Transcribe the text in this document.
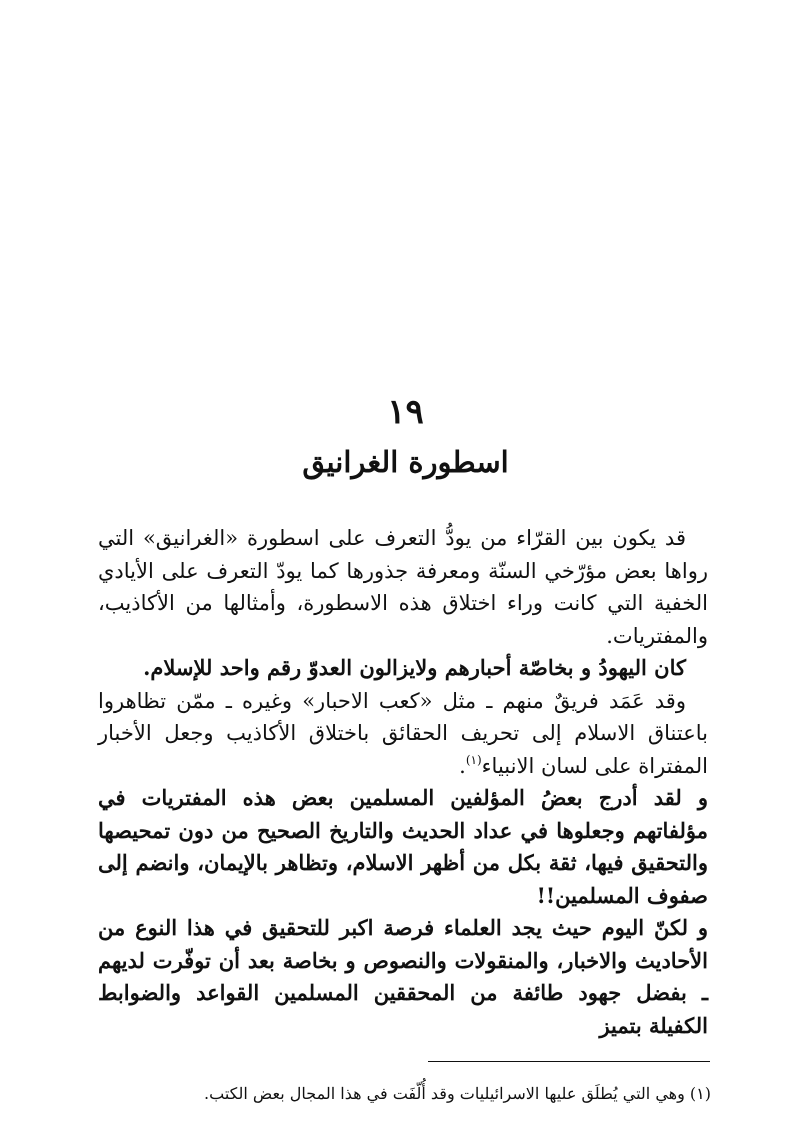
١٩
اسطورة الغرانيق

قد يكون بين القرّاء من يودُّ التعرف على اسطورة «الغرانيق» التي رواها بعض مؤرّخي السنّة ومعرفة جذورها كما يودّ التعرف على الأيادي الخفية التي كانت وراء اختلاق هذه الاسطورة، وأمثالها من الأكاذيب، والمفتريات.

كان اليهودُ و بخاصّة أحبارهم ولايزالون العدوّ رقم واحد للإسلام.

وقد عَمَد فريقٌ منهم ـ مثل «كعب الاحبار» وغيره ـ ممّن تظاهروا باعتناق الاسلام إلى تحريف الحقائق باختلاق الأكاذيب وجعل الأخبار المفتراة على لسان الانبياء$^{(١)}$.

و لقد أدرج بعضُ المؤلفين المسلمين بعض هذه المفتريات في مؤلفاتهم وجعلوها في عداد الحديث والتاريخ الصحيح من دون تمحيصها والتحقيق فيها، ثقة بكل من أظهر الاسلام، وتظاهر بالإيمان، وانضم إلى صفوف المسلمين!!

و لكنّ اليوم حيث يجد العلماء فرصة اكبر للتحقيق في هذا النوع من الأحاديث والاخبار، والمنقولات والنصوص و بخاصة بعد أن توفّرت لديهم ـ بفضل جهود طائفة من المحققين المسلمين القواعد والضوابط الكفيلة بتميز

(١) وهي التي يُطلَق عليها الاسرائيليات وقد أُلّفَت في هذا المجال بعض الكتب.
